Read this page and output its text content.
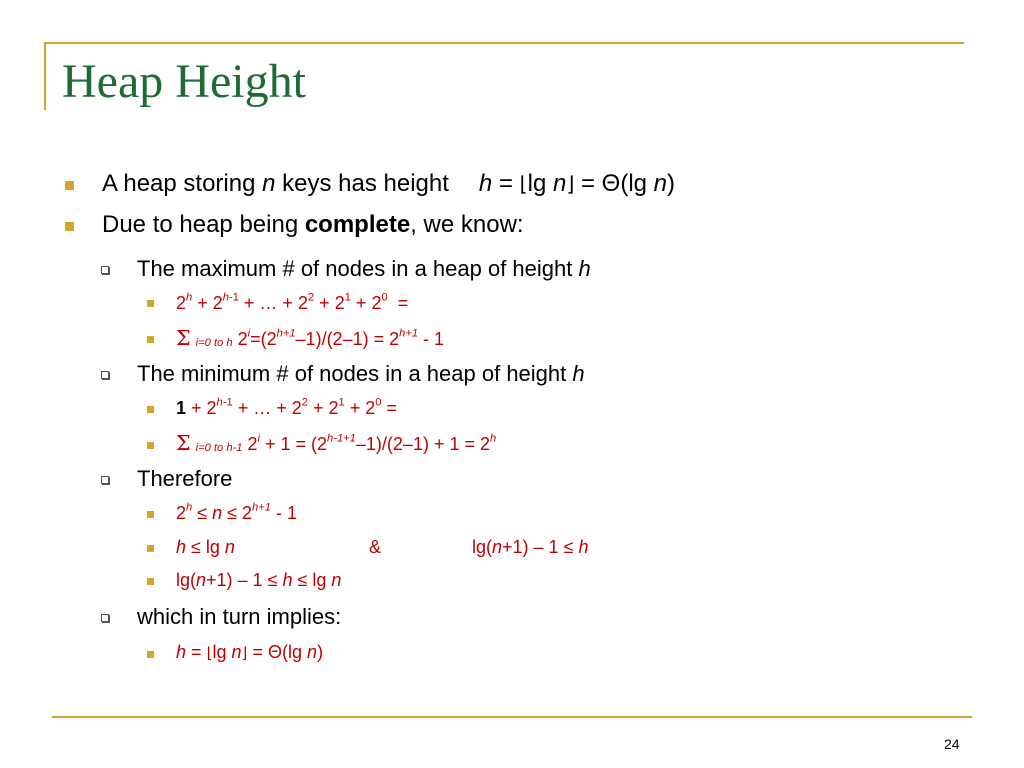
Heap Height
A heap storing n keys has height h = ⌊lg n⌋ = Θ(lg n)
Due to heap being complete, we know:
The maximum # of nodes in a heap of height h
$2^h + 2^{h-1}$ + … + $2^2 + 2^1 + 2^0$  =
Σ $_{i=0 to h}$ $2^i=(2^{h+1}-1)/(2-1) = 2^{h+1} - 1$
The minimum # of nodes in a heap of height h
$1 + 2^{h-1}$ + … + $2^2 + 2^1 + 2^0$ =
Σ $_{i=0 to h-1}$ $2^i + 1 = (2^{h-1+1}-1)/(2-1) + 1 = 2^h$
Therefore
$2^h \le n \le 2^{h+1} - 1$
h ≤ lg n	&	lg(n+1) – 1 ≤ h
lg(n+1) – 1 ≤ h ≤ lg n
which in turn implies:
h = ⌊lg n⌋ = Θ(lg n)
24
